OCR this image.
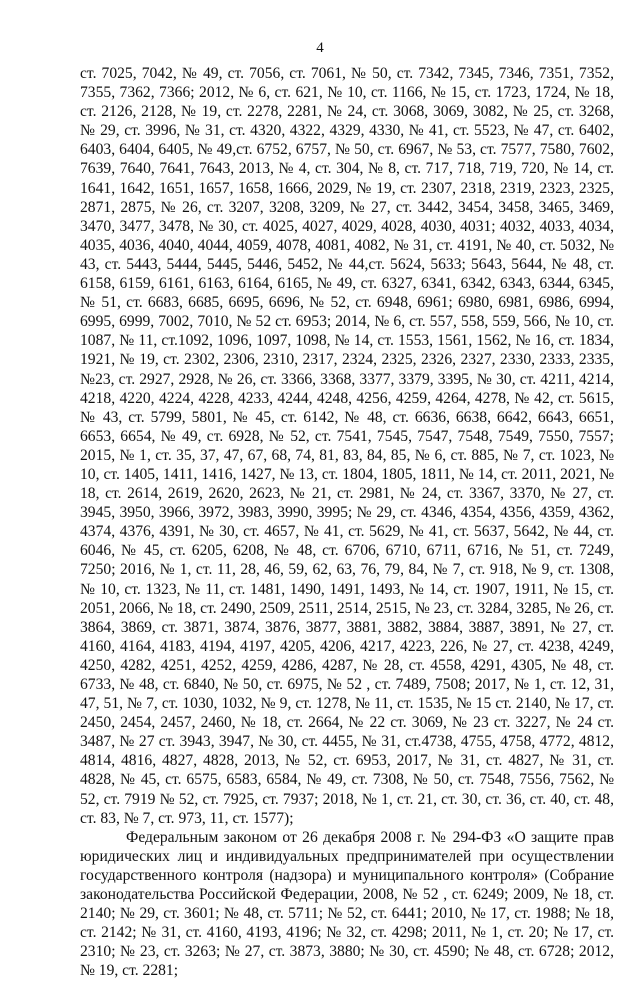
4

ст. 7025, 7042, № 49, ст. 7056, ст. 7061, № 50, ст. 7342, 7345, 7346, 7351, 7352, 7355, 7362, 7366; 2012, № 6, ст. 621, № 10, ст. 1166, № 15, ст. 1723, 1724, № 18, ст. 2126, 2128, № 19, ст. 2278, 2281, № 24, ст. 3068, 3069, 3082, № 25, ст. 3268, № 29, ст. 3996, № 31, ст. 4320, 4322, 4329, 4330, № 41, ст. 5523, № 47, ст. 6402, 6403, 6404, 6405, № 49,ст. 6752, 6757, № 50, ст. 6967, № 53, ст. 7577, 7580, 7602, 7639, 7640, 7641, 7643, 2013, № 4, ст. 304, № 8, ст. 717, 718, 719, 720, № 14, ст. 1641, 1642, 1651, 1657, 1658, 1666, 2029, № 19, ст. 2307, 2318, 2319, 2323, 2325, 2871, 2875, № 26, ст. 3207, 3208, 3209, № 27, ст. 3442, 3454, 3458, 3465, 3469, 3470, 3477, 3478, № 30, ст. 4025, 4027, 4029, 4028, 4030, 4031; 4032, 4033, 4034, 4035, 4036, 4040, 4044, 4059, 4078, 4081, 4082, № 31, ст. 4191, № 40, ст. 5032, № 43, ст. 5443, 5444, 5445, 5446, 5452, № 44,ст. 5624, 5633; 5643, 5644, № 48, ст. 6158, 6159, 6161, 6163, 6164, 6165, № 49, ст. 6327, 6341, 6342, 6343, 6344, 6345, № 51, ст. 6683, 6685, 6695, 6696, № 52, ст. 6948, 6961; 6980, 6981, 6986, 6994, 6995, 6999, 7002, 7010, № 52 ст. 6953; 2014, № 6, ст. 557, 558, 559, 566, № 10, ст. 1087, № 11, ст.1092, 1096, 1097, 1098, № 14, ст. 1553, 1561, 1562, № 16, ст. 1834, 1921, № 19, ст. 2302, 2306, 2310, 2317, 2324, 2325, 2326, 2327, 2330, 2333, 2335, №23, ст. 2927, 2928, № 26, ст. 3366, 3368, 3377, 3379, 3395, № 30, ст. 4211, 4214, 4218, 4220, 4224, 4228, 4233, 4244, 4248, 4256, 4259, 4264, 4278, № 42, ст. 5615, № 43, ст. 5799, 5801, № 45, ст. 6142, № 48, ст. 6636, 6638, 6642, 6643, 6651, 6653, 6654, № 49, ст. 6928, № 52, ст. 7541, 7545, 7547, 7548, 7549, 7550, 7557; 2015, № 1, ст. 35, 37, 47, 67, 68, 74, 81, 83, 84, 85, № 6, ст. 885, № 7, ст. 1023, № 10, ст. 1405, 1411, 1416, 1427, № 13, ст. 1804, 1805, 1811, № 14, ст. 2011, 2021, № 18, ст. 2614, 2619, 2620, 2623, № 21, ст. 2981, № 24, ст. 3367, 3370, № 27, ст. 3945, 3950, 3966, 3972, 3983, 3990, 3995; № 29, ст. 4346, 4354, 4356, 4359, 4362, 4374, 4376, 4391, № 30, ст. 4657, № 41, ст. 5629, № 41, ст. 5637, 5642, № 44, ст. 6046, № 45, ст. 6205, 6208, № 48, ст. 6706, 6710, 6711, 6716, № 51, ст. 7249, 7250; 2016, № 1, ст. 11, 28, 46, 59, 62, 63, 76, 79, 84, № 7, ст. 918, № 9, ст. 1308, № 10, ст. 1323, № 11, ст. 1481, 1490, 1491, 1493, № 14, ст. 1907, 1911, № 15, ст. 2051, 2066, № 18, ст. 2490, 2509, 2511, 2514, 2515, № 23, ст. 3284, 3285, № 26, ст. 3864, 3869, ст. 3871, 3874, 3876, 3877, 3881, 3882, 3884, 3887, 3891, № 27, ст. 4160, 4164, 4183, 4194, 4197, 4205, 4206, 4217, 4223, 226, № 27, ст. 4238, 4249, 4250, 4282, 4251, 4252, 4259, 4286, 4287, № 28, ст. 4558, 4291, 4305, № 48, ст. 6733, № 48, ст. 6840, № 50, ст. 6975, № 52 , ст. 7489, 7508; 2017, № 1, ст. 12, 31, 47, 51, № 7, ст. 1030, 1032, № 9, ст. 1278, № 11, ст. 1535, № 15 ст. 2140, № 17, ст. 2450, 2454, 2457, 2460, № 18, ст. 2664, № 22 ст. 3069, № 23 ст. 3227, № 24 ст. 3487, № 27 ст. 3943, 3947, № 30, ст. 4455, № 31, ст.4738, 4755, 4758, 4772, 4812, 4814, 4816, 4827, 4828, 2013, № 52, ст. 6953, 2017, № 31, ст. 4827, № 31, ст. 4828, № 45, ст. 6575, 6583, 6584, № 49, ст. 7308, № 50, ст. 7548, 7556, 7562, № 52, ст. 7919 № 52, ст. 7925, ст. 7937; 2018, № 1, ст. 21, ст. 30, ст. 36, ст. 40, ст. 48, ст. 83, № 7, ст. 973, 11, ст. 1577);

Федеральным законом от 26 декабря 2008 г. № 294-ФЗ «О защите прав юридических лиц и индивидуальных предпринимателей при осуществлении государственного контроля (надзора) и муниципального контроля» (Собрание законодательства Российской Федерации, 2008, № 52 , ст. 6249; 2009, № 18, ст. 2140; № 29, ст. 3601; № 48, ст. 5711; № 52, ст. 6441; 2010, № 17, ст. 1988; № 18, ст. 2142; № 31, ст. 4160, 4193, 4196; № 32, ст. 4298; 2011, № 1, ст. 20; № 17, ст. 2310; № 23, ст. 3263; № 27, ст. 3873, 3880; № 30, ст. 4590; № 48, ст. 6728; 2012, № 19, ст. 2281;
